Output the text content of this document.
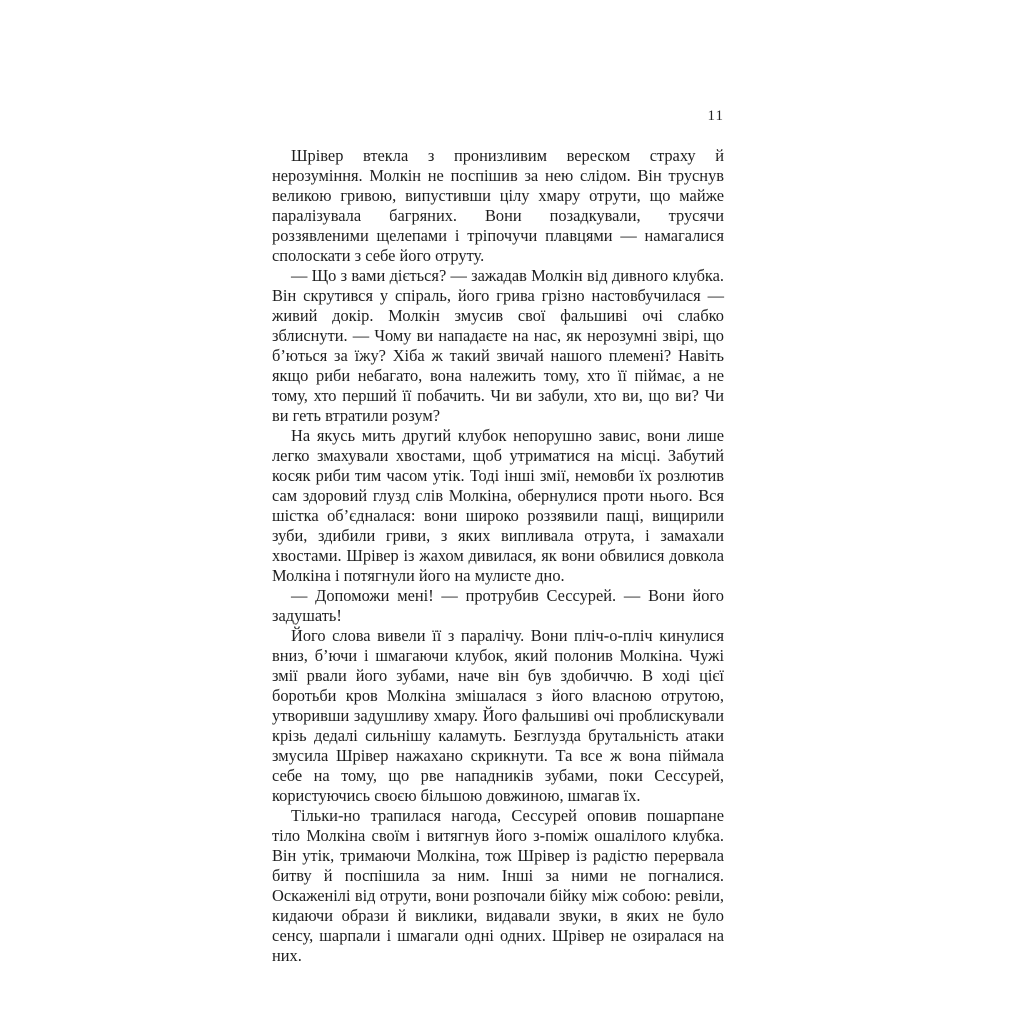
11

Шрівер втекла з пронизливим вереском страху й нерозуміння. Молкін не поспішив за нею слідом. Він труснув великою гривою, випустивши цілу хмару отрути, що майже паралізувала багряних. Вони позадкували, трусячи роззявленими щелепами і тріпочучи плавцями — намагалися сполоскати з себе його отруту.

— Що з вами діється? — зажадав Молкін від дивного клубка. Він скрутився у спіраль, його грива грізно настовбучилася — живий докір. Молкін змусив свої фальшиві очі слабко зблиснути. — Чому ви нападаєте на нас, як нерозумні звірі, що б’ються за їжу? Хіба ж такий звичай нашого племені? Навіть якщо риби небагато, вона належить тому, хто її піймає, а не тому, хто перший її побачить. Чи ви забули, хто ви, що ви? Чи ви геть втратили розум?

На якусь мить другий клубок непорушно завис, вони лише легко змахували хвостами, щоб утриматися на місці. Забутий косяк риби тим часом утік. Тоді інші змії, немовби їх розлютив сам здоровий глузд слів Молкіна, обернулися проти нього. Вся шістка об’єдналася: вони широко роззявили пащі, вищирили зуби, здибили гриви, з яких випливала отрута, і замахали хвостами. Шрівер із жахом дивилася, як вони обвилися довкола Молкіна і потягнули його на мулисте дно.

— Допоможи мені! — протрубив Сессурей. — Вони його задушать!

Його слова вивели її з паралічу. Вони пліч-о-пліч кинулися вниз, б’ючи і шмагаючи клубок, який полонив Молкіна. Чужі змії рвали його зубами, наче він був здобиччю. В ході цієї боротьби кров Молкіна змішалася з його власною отрутою, утворивши задушливу хмару. Його фальшиві очі проблискували крізь дедалі сильнішу каламуть. Безглузда брутальність атаки змусила Шрівер нажахано скрикнути. Та все ж вона піймала себе на тому, що рве нападників зубами, поки Сессурей, користуючись своєю більшою довжиною, шмагав їх.

Тільки-но трапилася нагода, Сессурей оповив пошарпане тіло Молкіна своїм і витягнув його з-поміж ошалілого клубка. Він утік, тримаючи Молкіна, тож Шрівер із радістю перервала битву й поспішила за ним. Інші за ними не погналися. Оскаженілі від отрути, вони розпочали бійку між собою: ревіли, кидаючи образи й виклики, видавали звуки, в яких не було сенсу, шарпали і шмагали одні одних. Шрівер не озиралася на них.
